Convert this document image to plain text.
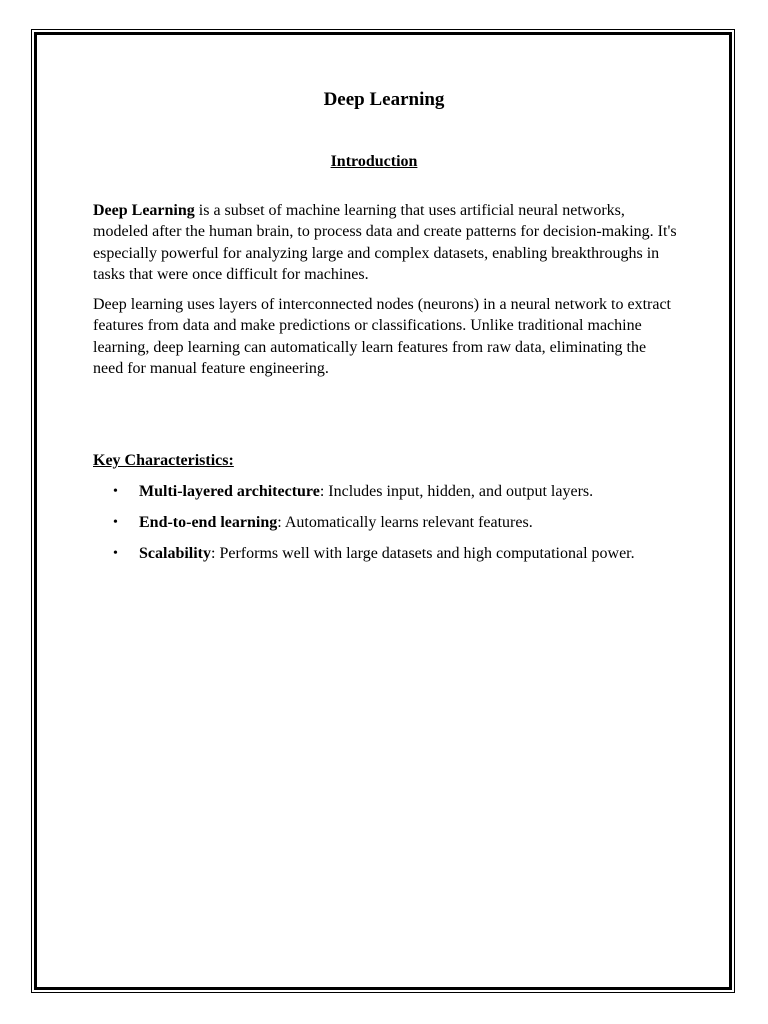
Deep Learning
Introduction

Deep Learning is a subset of machine learning that uses artificial neural networks, modeled after the human brain, to process data and create patterns for decision-making. It's especially powerful for analyzing large and complex datasets, enabling breakthroughs in tasks that were once difficult for machines.

Deep learning uses layers of interconnected nodes (neurons) in a neural network to extract features from data and make predictions or classifications. Unlike traditional machine learning, deep learning can automatically learn features from raw data, eliminating the need for manual feature engineering.

Key Characteristics:
• Multi-layered architecture: Includes input, hidden, and output layers.
• End-to-end learning: Automatically learns relevant features.
• Scalability: Performs well with large datasets and high computational power.
